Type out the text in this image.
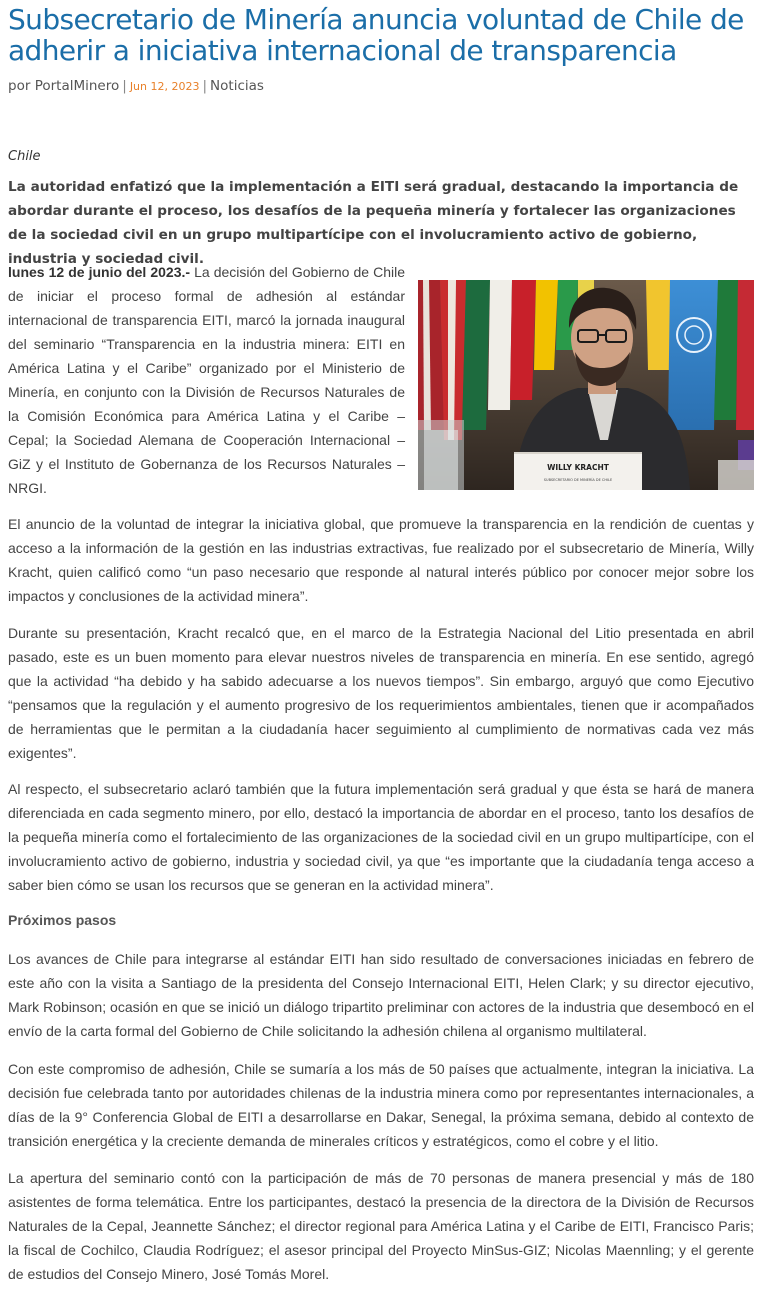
Subsecretario de Minería anuncia voluntad de Chile de adherir a iniciativa internacional de transparencia
por PortalMinero | Jun 12, 2023 | Noticias
Chile

La autoridad enfatizó que la implementación a EITI será gradual, destacando la importancia de abordar durante el proceso, los desafíos de la pequeña minería y fortalecer las organizaciones de la sociedad civil en un grupo multipartícipe con el involucramiento activo de gobierno, industria y sociedad civil.

lunes 12 de junio del 2023.- La decisión del Gobierno de Chile de iniciar el proceso formal de adhesión al estándar internacional de transparencia EITI, marcó la jornada inaugural del seminario “Transparencia en la industria minera: EITI en América Latina y el Caribe” organizado por el Ministerio de Minería, en conjunto con la División de Recursos Naturales de la Comisión Económica para América Latina y el Caribe – Cepal; la Sociedad Alemana de Cooperación Internacional – GiZ y el Instituto de Gobernanza de los Recursos Naturales – NRGI.

WILLY KRACHT
SUBSECRETARIO DE MINERÍA DE CHILE

El anuncio de la voluntad de integrar la iniciativa global, que promueve la transparencia en la rendición de cuentas y acceso a la información de la gestión en las industrias extractivas, fue realizado por el subsecretario de Minería, Willy Kracht, quien calificó como “un paso necesario que responde al natural interés público por conocer mejor sobre los impactos y conclusiones de la actividad minera”.

Durante su presentación, Kracht recalcó que, en el marco de la Estrategia Nacional del Litio presentada en abril pasado, este es un buen momento para elevar nuestros niveles de transparencia en minería. En ese sentido, agregó que la actividad “ha debido y ha sabido adecuarse a los nuevos tiempos”. Sin embargo, arguyó que como Ejecutivo “pensamos que la regulación y el aumento progresivo de los requerimientos ambientales, tienen que ir acompañados de herramientas que le permitan a la ciudadanía hacer seguimiento al cumplimiento de normativas cada vez más exigentes”.

Al respecto, el subsecretario aclaró también que la futura implementación será gradual y que ésta se hará de manera diferenciada en cada segmento minero, por ello, destacó la importancia de abordar en el proceso, tanto los desafíos de la pequeña minería como el fortalecimiento de las organizaciones de la sociedad civil en un grupo multipartícipe, con el involucramiento activo de gobierno, industria y sociedad civil, ya que “es importante que la ciudadanía tenga acceso a saber bien cómo se usan los recursos que se generan en la actividad minera”.

Próximos pasos

Los avances de Chile para integrarse al estándar EITI han sido resultado de conversaciones iniciadas en febrero de este año con la visita a Santiago de la presidenta del Consejo Internacional EITI, Helen Clark; y su director ejecutivo, Mark Robinson; ocasión en que se inició un diálogo tripartito preliminar con actores de la industria que desembocó en el envío de la carta formal del Gobierno de Chile solicitando la adhesión chilena al organismo multilateral.

Con este compromiso de adhesión, Chile se sumaría a los más de 50 países que actualmente, integran la iniciativa. La decisión fue celebrada tanto por autoridades chilenas de la industria minera como por representantes internacionales, a días de la 9° Conferencia Global de EITI a desarrollarse en Dakar, Senegal, la próxima semana, debido al contexto de transición energética y la creciente demanda de minerales críticos y estratégicos, como el cobre y el litio.

La apertura del seminario contó con la participación de más de 70 personas de manera presencial y más de 180 asistentes de forma telemática. Entre los participantes, destacó la presencia de la directora de la División de Recursos Naturales de la Cepal, Jeannette Sánchez; el director regional para América Latina y el Caribe de EITI, Francisco Paris; la fiscal de Cochilco, Claudia Rodríguez; el asesor principal del Proyecto MinSus-GIZ; Nicolas Maennling; y el gerente de estudios del Consejo Minero, José Tomás Morel.
